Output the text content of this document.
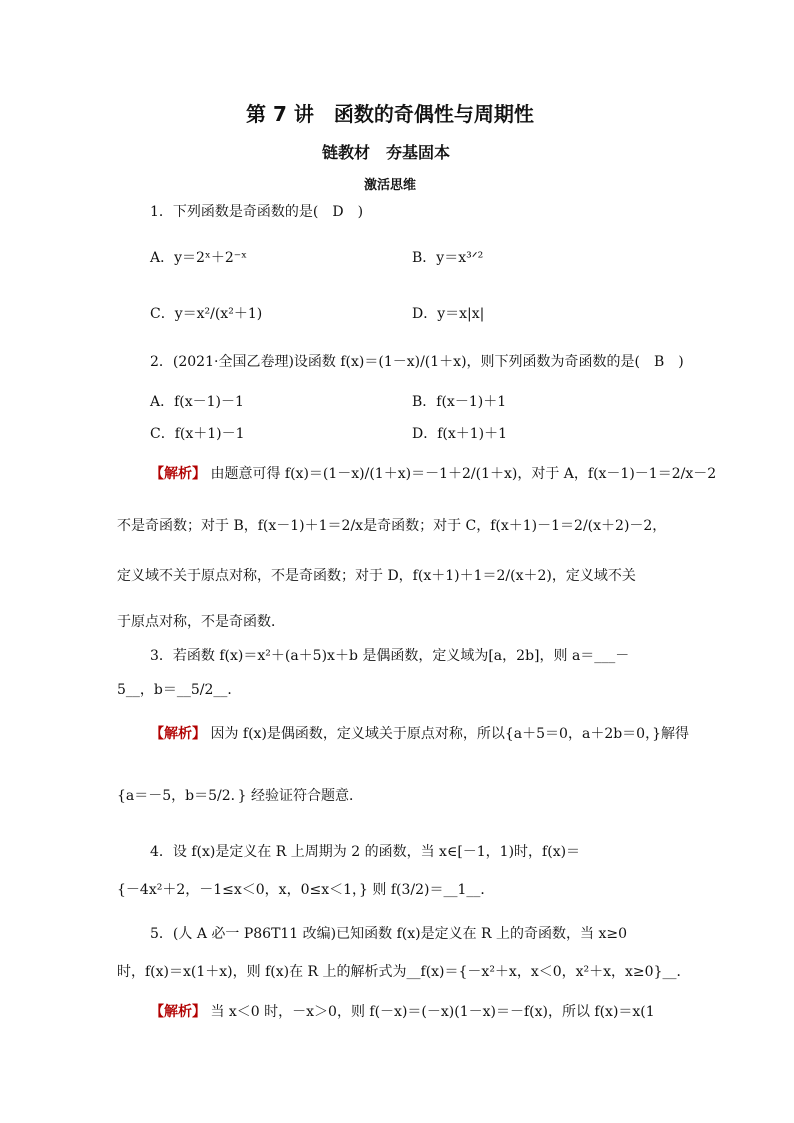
第 7 讲　函数的奇偶性与周期性
链教材　夯基固本
激活思维
1．下列函数是奇函数的是(　D　)
A．y＝2ˣ＋2⁻ˣ	B．y＝x³ᐟ²
C．y＝x²/(x²＋1)	D．y＝x|x|
2．(2021·全国乙卷理)设函数 f(x)＝(1－x)/(1＋x)，则下列函数为奇函数的是(　B　)
A．f(x－1)－1	B．f(x－1)＋1
C．f(x＋1)－1	D．f(x＋1)＋1
【解析】 由题意可得 f(x)＝(1－x)/(1＋x)＝－1＋2/(1＋x)，对于 A，f(x－1)－1＝2/x－2
不是奇函数；对于 B，f(x－1)＋1＝2/x是奇函数；对于 C，f(x＋1)－1＝2/(x＋2)－2，
定义域不关于原点对称，不是奇函数；对于 D，f(x＋1)＋1＝2/(x＋2)，定义域不关
于原点对称，不是奇函数．
3．若函数 f(x)＝x²＋(a＋5)x＋b 是偶函数，定义域为[a，2b]，则 a＝___－
5__，b＝__5/2__．
【解析】 因为 f(x)是偶函数，定义域关于原点对称，所以{a＋5＝0，a＋2b＝0，}解得
{a＝－5，b＝5/2．} 经验证符合题意．
4．设 f(x)是定义在 R 上周期为 2 的函数，当 x∈[－1，1)时，f(x)＝
{－4x²＋2，－1≤x＜0，x，0≤x＜1，} 则 f(3/2)＝__1__．
5．(人 A 必一 P86T11 改编)已知函数 f(x)是定义在 R 上的奇函数，当 x≥0
时，f(x)＝x(1＋x)，则 f(x)在 R 上的解析式为__f(x)＝{－x²＋x，x＜0，x²＋x，x≥0}__．
【解析】 当 x＜0 时，－x＞0，则 f(－x)＝(－x)(1－x)＝－f(x)，所以 f(x)＝x(1
